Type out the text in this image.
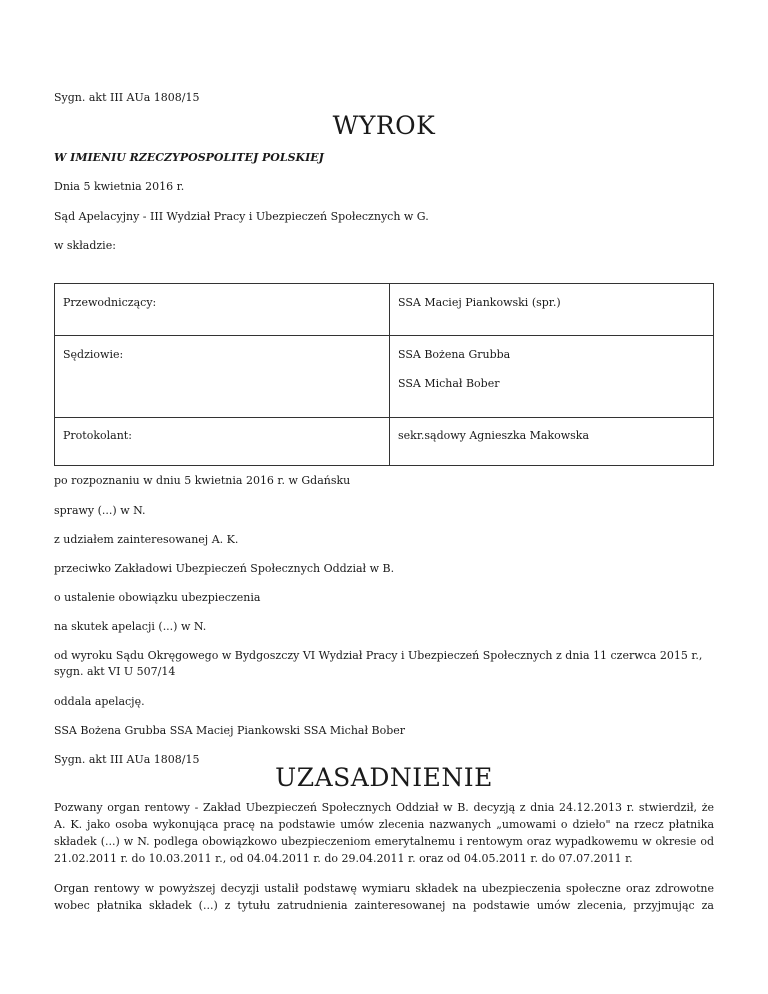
Sygn. akt III AUa 1808/15
WYROK
W IMIENIU RZECZYPOSPOLITEJ POLSKIEJ
Dnia 5 kwietnia 2016 r.
Sąd Apelacyjny - III Wydział Pracy i Ubezpieczeń Społecznych w G.
w składzie:
Przewodniczący:	SSA Maciej Piankowski (spr.)

Sędziowie:	SSA Bożena Grubba
SSA Michał Bober

Protokolant:	sekr.sądowy Agnieszka Makowska
po rozpoznaniu w dniu 5 kwietnia 2016 r. w Gdańsku
sprawy (...) w N.
z udziałem zainteresowanej A. K.
przeciwko Zakładowi Ubezpieczeń Społecznych Oddział w B.
o ustalenie obowiązku ubezpieczenia
na skutek apelacji (...) w N.
od wyroku Sądu Okręgowego w Bydgoszczy VI Wydział Pracy i Ubezpieczeń Społecznych z dnia 11 czerwca 2015 r.,
sygn. akt VI U 507/14
oddala apelację.
SSA Bożena Grubba SSA Maciej Piankowski SSA Michał Bober
Sygn. akt III AUa 1808/15
UZASADNIENIE
Pozwany organ rentowy - Zakład Ubezpieczeń Społecznych Oddział w B. decyzją z dnia 24.12.2013 r. stwierdził, że
A. K. jako osoba wykonująca pracę na podstawie umów zlecenia nazwanych „umowami o dzieło" na rzecz płatnika
składek (...) w N. podlega obowiązkowo ubezpieczeniom emerytalnemu i rentowym oraz wypadkowemu w okresie od
21.02.2011 r. do 10.03.2011 r., od 04.04.2011 r. do 29.04.2011 r. oraz od 04.05.2011 r. do 07.07.2011 r.
Organ rentowy w powyższej decyzji ustalił podstawę wymiaru składek na ubezpieczenia społeczne oraz zdrowotne
wobec płatnika składek (...) z tytułu zatrudnienia zainteresowanej na podstawie umów zlecenia, przyjmując za
